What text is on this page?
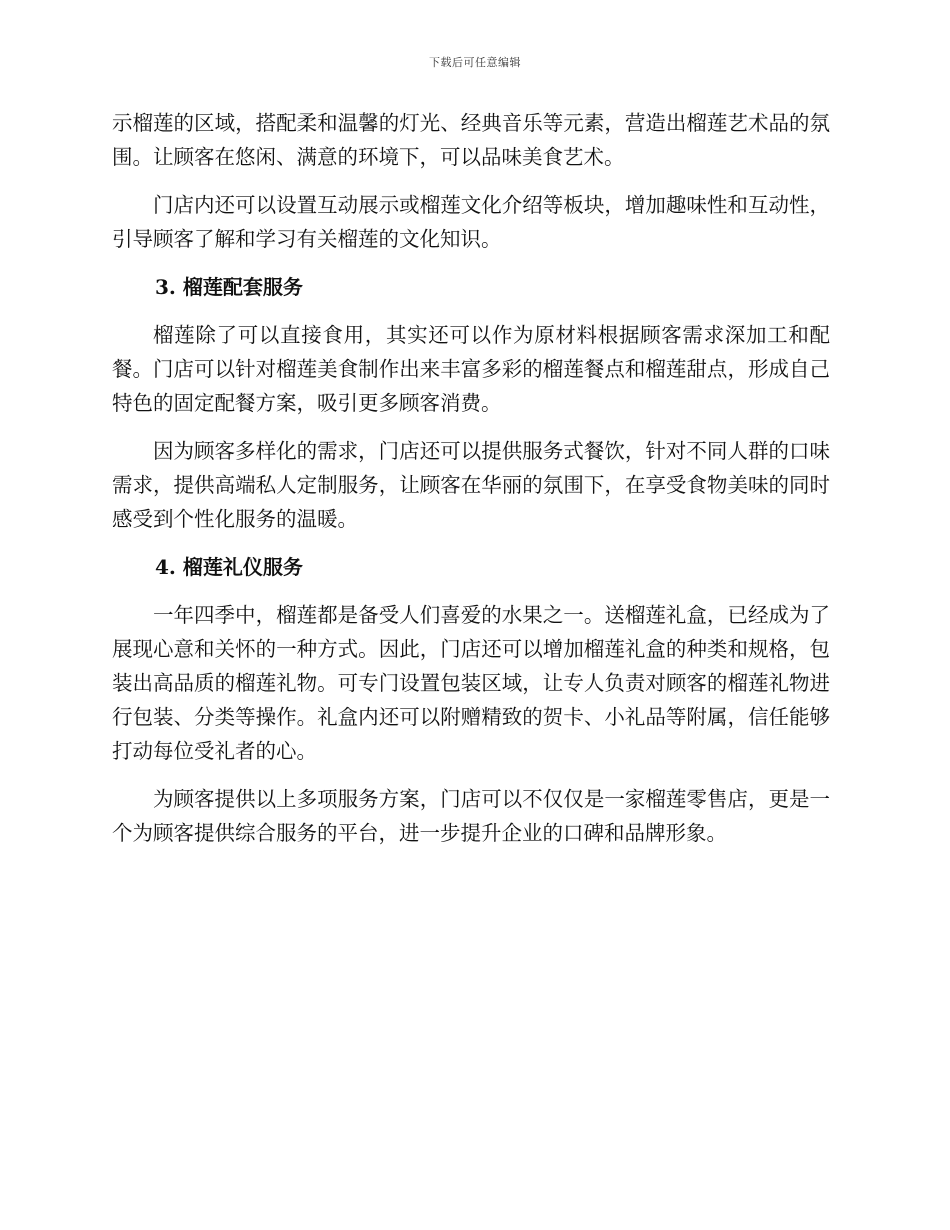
下载后可任意编辑

示榴莲的区域，搭配柔和温馨的灯光、经典音乐等元素，营造出榴莲艺术品的氛围。让顾客在悠闲、满意的环境下，可以品味美食艺术。

门店内还可以设置互动展示或榴莲文化介绍等板块，增加趣味性和互动性，引导顾客了解和学习有关榴莲的文化知识。

3. 榴莲配套服务

榴莲除了可以直接食用，其实还可以作为原材料根据顾客需求深加工和配餐。门店可以针对榴莲美食制作出来丰富多彩的榴莲餐点和榴莲甜点，形成自己特色的固定配餐方案，吸引更多顾客消费。

因为顾客多样化的需求，门店还可以提供服务式餐饮，针对不同人群的口味需求，提供高端私人定制服务，让顾客在华丽的氛围下，在享受食物美味的同时感受到个性化服务的温暖。

4. 榴莲礼仪服务

一年四季中，榴莲都是备受人们喜爱的水果之一。送榴莲礼盒，已经成为了展现心意和关怀的一种方式。因此，门店还可以增加榴莲礼盒的种类和规格，包装出高品质的榴莲礼物。可专门设置包装区域，让专人负责对顾客的榴莲礼物进行包装、分类等操作。礼盒内还可以附赠精致的贺卡、小礼品等附属，信任能够打动每位受礼者的心。

为顾客提供以上多项服务方案，门店可以不仅仅是一家榴莲零售店，更是一个为顾客提供综合服务的平台，进一步提升企业的口碑和品牌形象。
